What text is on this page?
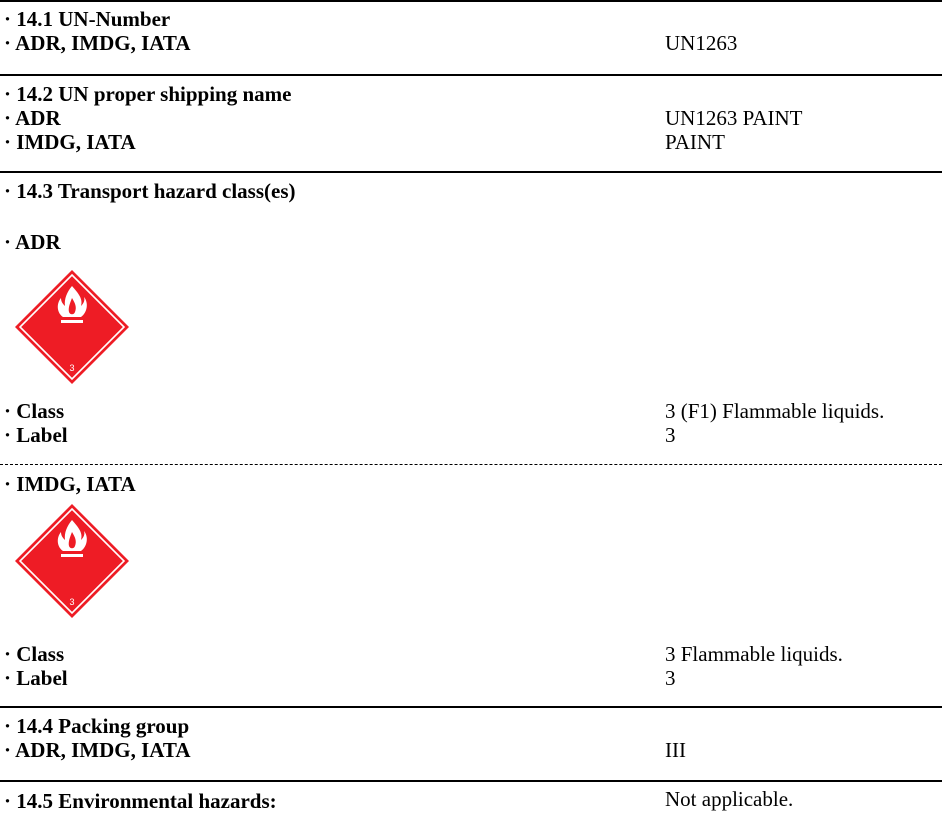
· 14.1 UN-Number
· ADR, IMDG, IATA	UN1263
· 14.2 UN proper shipping name
· ADR	UN1263 PAINT
· IMDG, IATA	PAINT
· 14.3 Transport hazard class(es)
· ADR
3
· Class	3 (F1) Flammable liquids.
· Label	3
· IMDG, IATA
3
· Class	3 Flammable liquids.
· Label	3
· 14.4 Packing group
· ADR, IMDG, IATA	III
· 14.5 Environmental hazards:	Not applicable.
